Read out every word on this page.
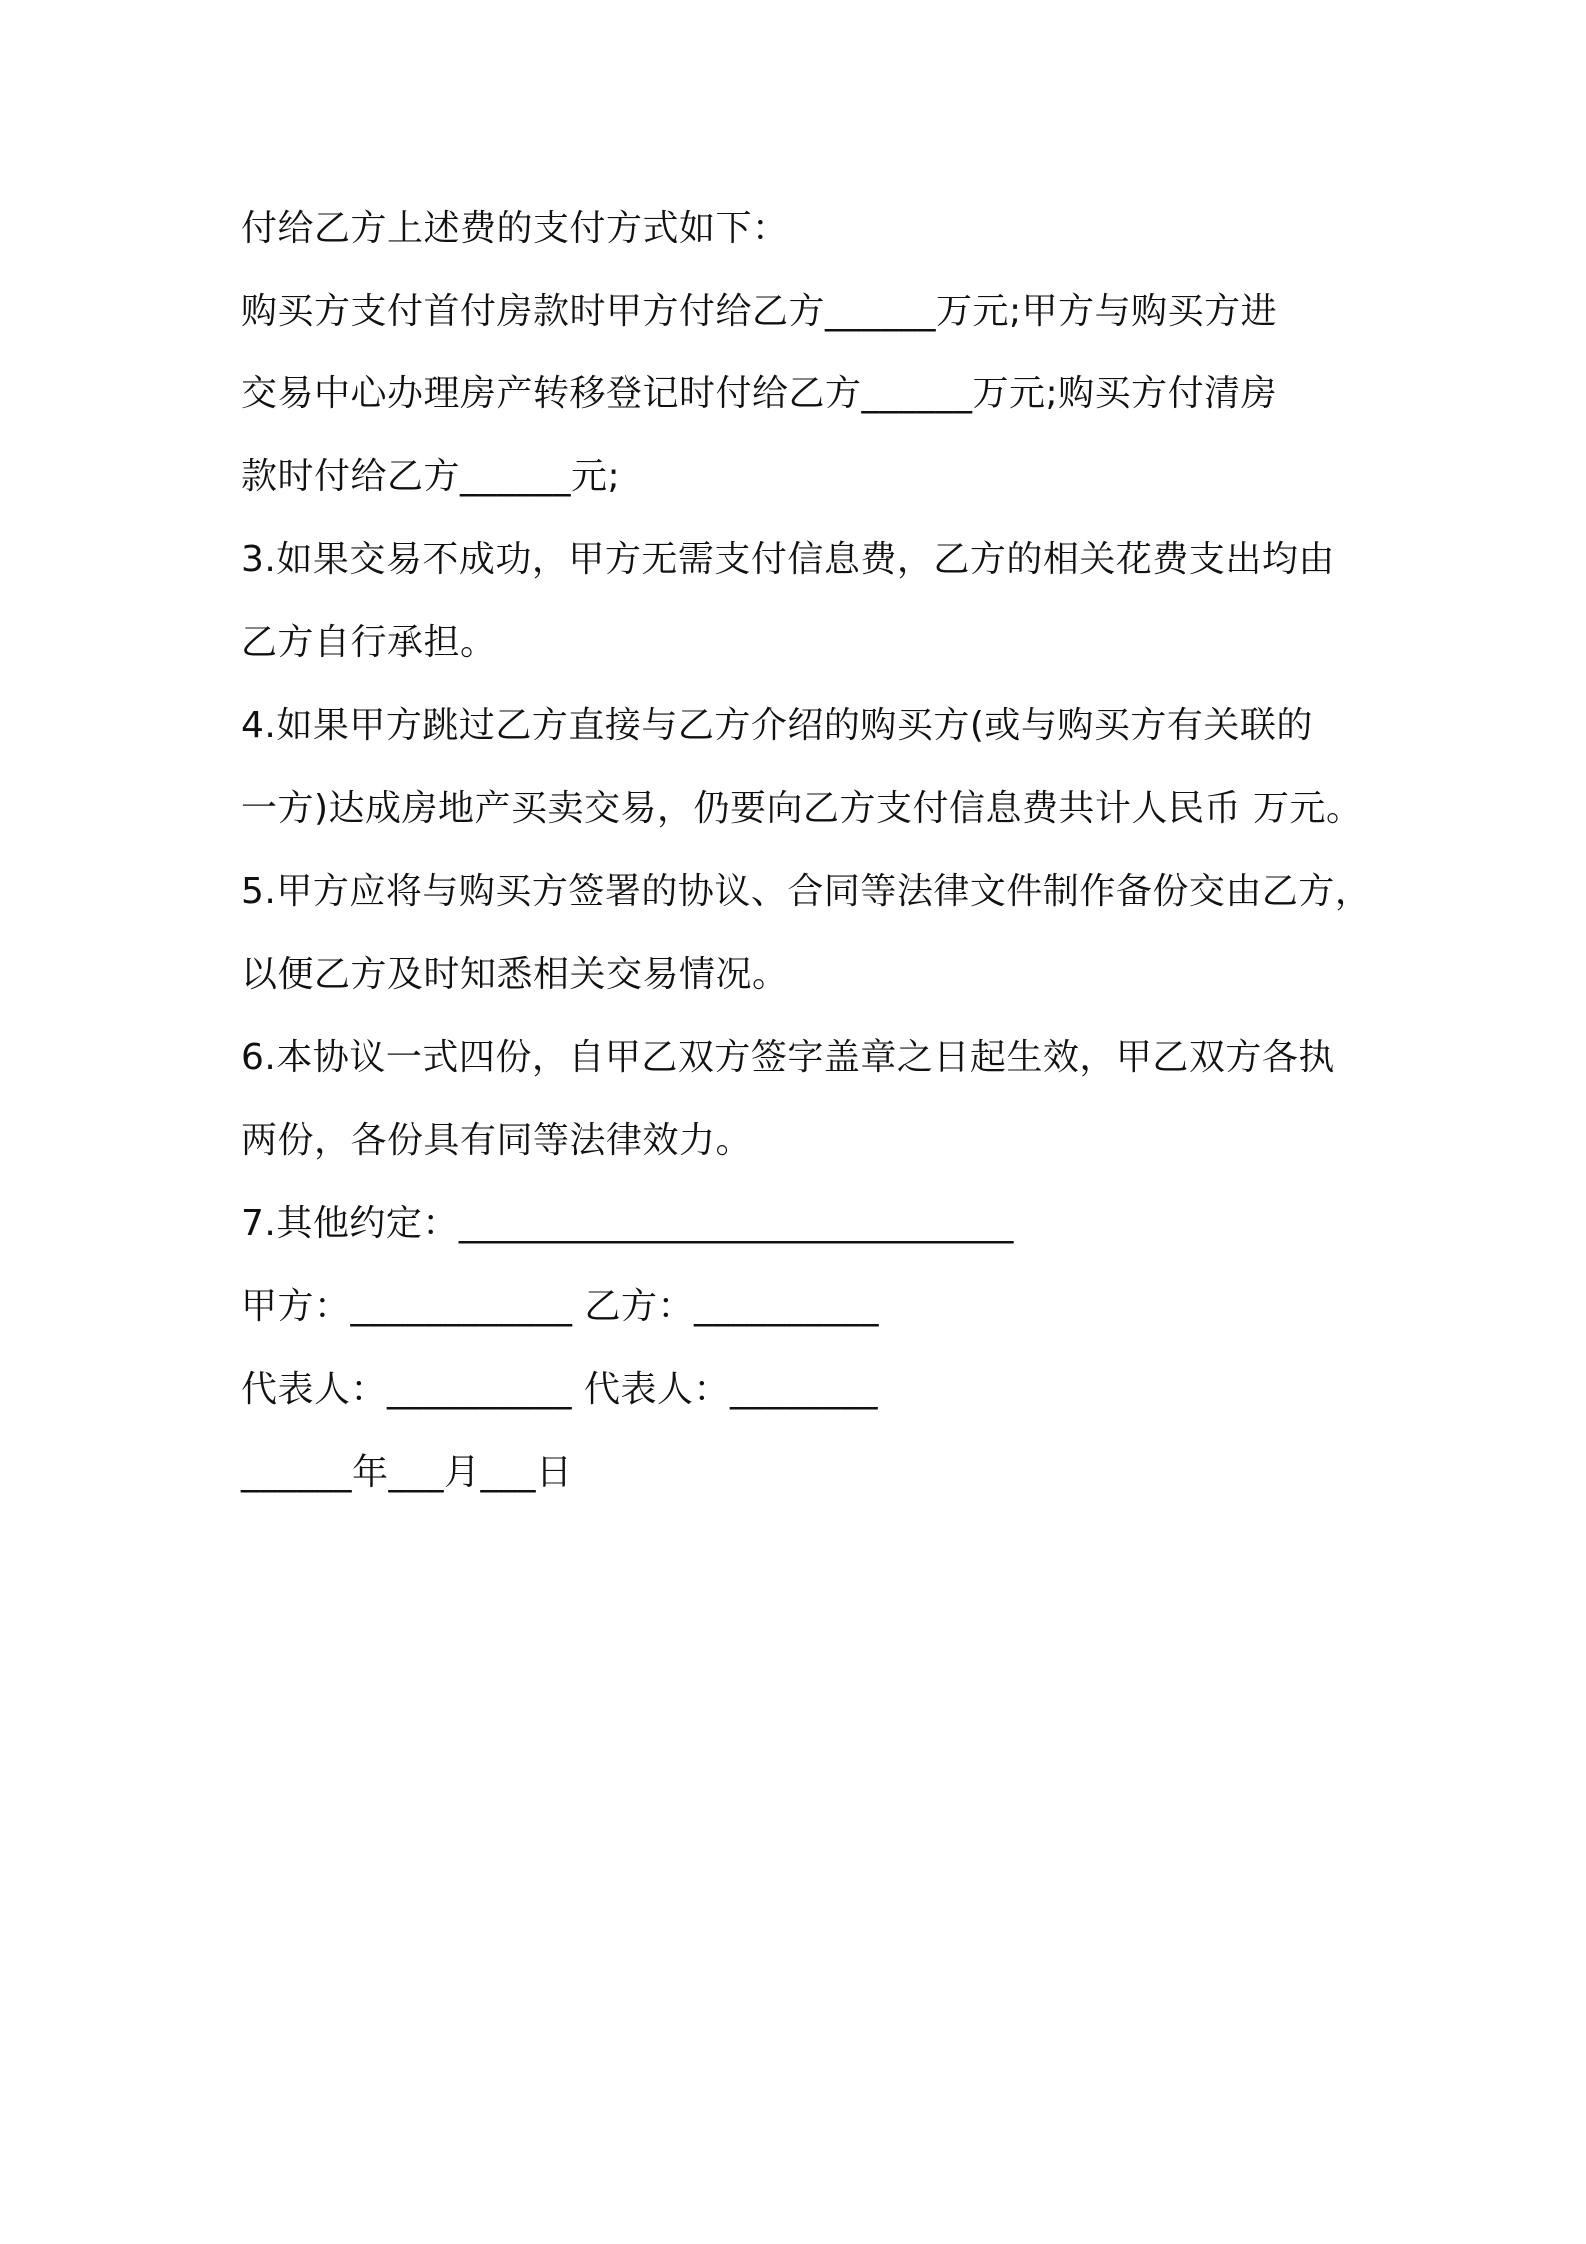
付给乙方上述费的支付方式如下：
购买方支付首付房款时甲方付给乙方______万元;甲方与购买方进
交易中心办理房产转移登记时付给乙方______万元;购买方付清房
款时付给乙方______元;
3.如果交易不成功，甲方无需支付信息费，乙方的相关花费支出均由
乙方自行承担。
4.如果甲方跳过乙方直接与乙方介绍的购买方(或与购买方有关联的
一方)达成房地产买卖交易，仍要向乙方支付信息费共计人民币 万元。
5.甲方应将与购买方签署的协议、合同等法律文件制作备份交由乙方，
以便乙方及时知悉相关交易情况。
6.本协议一式四份，自甲乙双方签字盖章之日起生效，甲乙双方各执
两份，各份具有同等法律效力。
7.其他约定：______________________________
甲方：____________ 乙方：__________
代表人：__________ 代表人：________
______年___月___日
